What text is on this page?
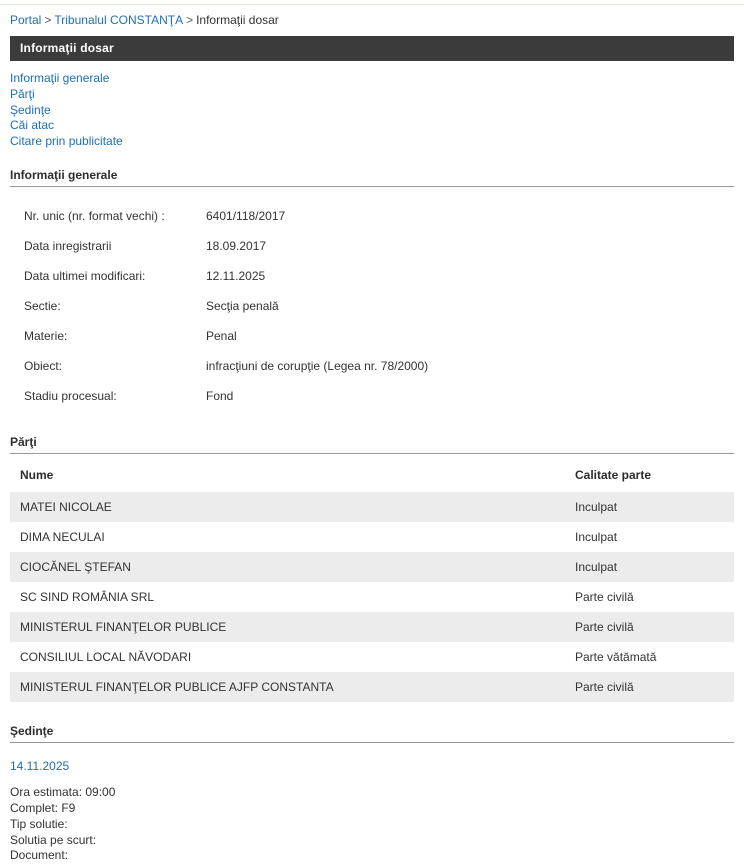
Portal > Tribunalul CONSTANŢA > Informaţii dosar
Informaţii dosar
Informaţii generale
Părţi
Şedinţe
Căi atac
Citare prin publicitate
Informaţii generale
Nr. unic (nr. format vechi) :	6401/118/2017
Data inregistrarii	18.09.2017
Data ultimei modificari:	12.11.2025
Sectie:	Secţia penală
Materie:	Penal
Obiect:	infracţiuni de corupţie (Legea nr. 78/2000)
Stadiu procesual:	Fond
Părţi
Nume	Calitate parte
MATEI NICOLAE	Inculpat
DIMA NECULAI	Inculpat
CIOCĂNEL ŞTEFAN	Inculpat
SC SIND ROMÂNIA SRL	Parte civilă
MINISTERUL FINANŢELOR PUBLICE	Parte civilă
CONSILIUL LOCAL NĂVODARI	Parte vătămată
MINISTERUL FINANŢELOR PUBLICE AJFP CONSTANTA	Parte civilă
Şedinţe
14.11.2025
Ora estimata: 09:00
Complet: F9
Tip solutie:
Solutia pe scurt:
Document:
